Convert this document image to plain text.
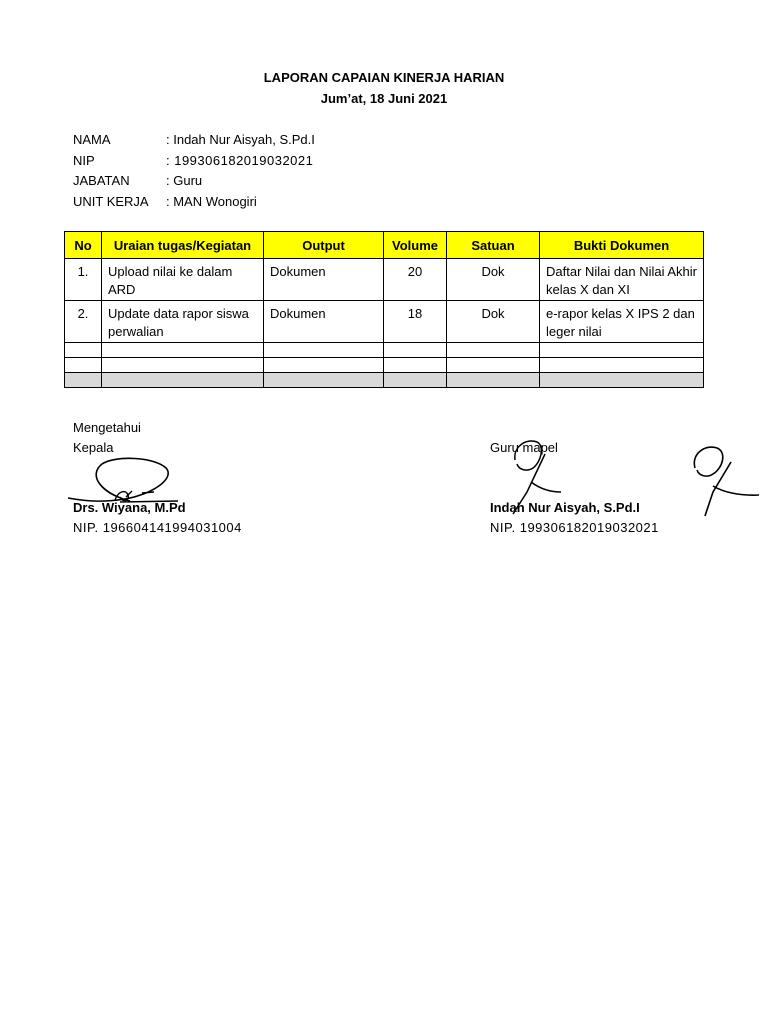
LAPORAN CAPAIAN KINERJA HARIAN
Jum’at, 18 Juni 2021
NAMA	: Indah Nur Aisyah, S.Pd.I
NIP	: 199306182019032021
JABATAN	: Guru
UNIT KERJA	: MAN Wonogiri
No	Uraian tugas/Kegiatan	Output	Volume	Satuan	Bukti Dokumen
1.	Upload nilai ke dalam ARD	Dokumen	20	Dok	Daftar Nilai dan Nilai Akhir kelas X dan XI
2.	Update data rapor siswa perwalian	Dokumen	18	Dok	e-rapor kelas X IPS 2 dan leger nilai

Mengetahui
Kepala
Drs. Wiyana, M.Pd
NIP. 196604141994031004
Guru mapel
Indah Nur Aisyah, S.Pd.I
NIP. 199306182019032021
